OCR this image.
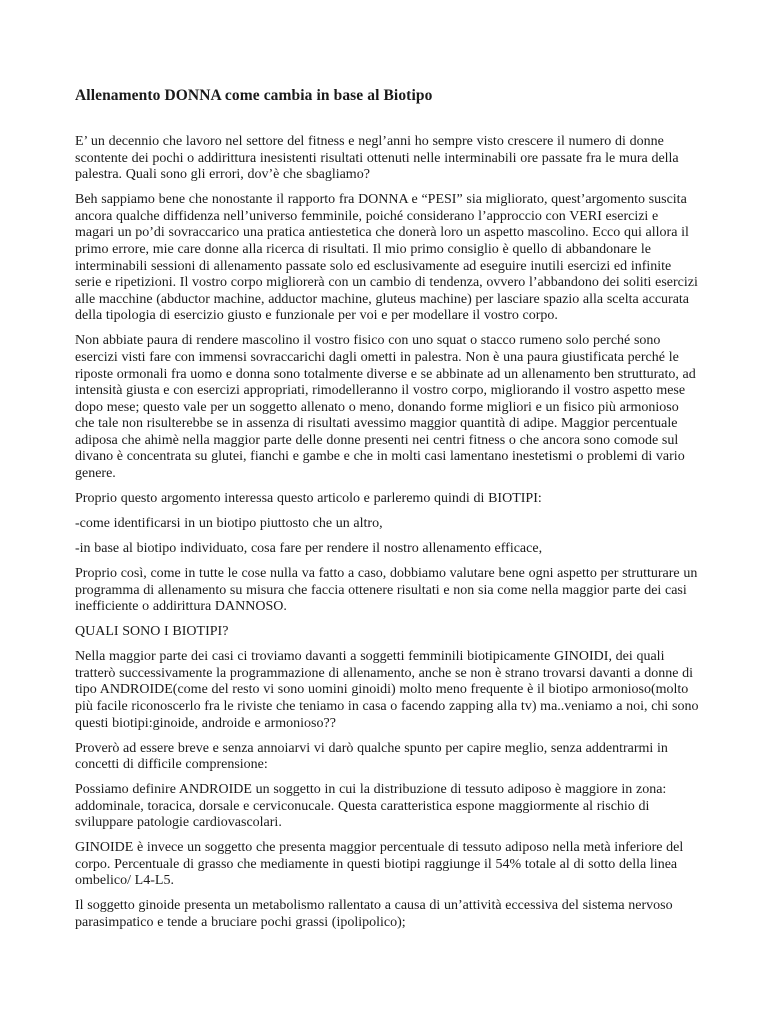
Allenamento DONNA come cambia in base al Biotipo

E’ un decennio che lavoro nel settore del fitness e negl’anni ho sempre visto crescere il numero di donne scontente dei pochi o addirittura inesistenti risultati ottenuti nelle interminabili ore passate fra le mura della palestra. Quali sono gli errori, dov’è che sbagliamo?

Beh sappiamo bene che nonostante il rapporto fra DONNA e “PESI” sia migliorato, quest’argomento suscita ancora qualche diffidenza nell’universo femminile, poiché considerano l’approccio con VERI esercizi e magari un po’di sovraccarico una pratica antiestetica che donerà loro un aspetto mascolino. Ecco qui allora il primo errore, mie care donne alla ricerca di risultati. Il mio primo consiglio è quello di abbandonare le interminabili sessioni di allenamento passate solo ed esclusivamente ad eseguire inutili esercizi ed infinite serie e ripetizioni. Il vostro corpo migliorerà con un cambio di tendenza, ovvero l’abbandono dei soliti esercizi alle macchine (abductor machine, adductor machine, gluteus machine) per lasciare spazio alla scelta accurata della tipologia di esercizio giusto e funzionale per voi e per modellare il vostro corpo.

Non abbiate paura di rendere mascolino il vostro fisico con uno squat o stacco rumeno solo perché sono esercizi visti fare con immensi sovraccarichi dagli ometti in palestra. Non è una paura giustificata perché le riposte ormonali fra uomo e donna sono totalmente diverse e se abbinate ad un allenamento ben strutturato, ad intensità giusta e con esercizi appropriati, rimodelleranno il vostro corpo, migliorando il vostro aspetto mese dopo mese; questo vale per un soggetto allenato o meno, donando forme migliori e un fisico più armonioso che tale non risulterebbe se in assenza di risultati avessimo maggior quantità di adipe. Maggior percentuale adiposa che ahimè nella maggior parte delle donne presenti nei centri fitness o che ancora sono comode sul divano è concentrata su glutei, fianchi e gambe e che in molti casi lamentano inestetismi o problemi di vario genere.

Proprio questo argomento interessa questo articolo e parleremo quindi di BIOTIPI:

-come identificarsi in un biotipo piuttosto che un altro,

-in base al biotipo individuato, cosa fare per rendere il nostro allenamento efficace,

Proprio così, come in tutte le cose nulla va fatto a caso, dobbiamo valutare bene ogni aspetto per strutturare un programma di allenamento su misura che faccia ottenere risultati e non sia come nella maggior parte dei casi inefficiente o addirittura DANNOSO.

QUALI SONO I BIOTIPI?

Nella maggior parte dei casi ci troviamo davanti a soggetti femminili biotipicamente GINOIDI, dei quali tratterò successivamente la programmazione di allenamento, anche se non è strano trovarsi davanti a donne di tipo ANDROIDE(come del resto vi sono uomini ginoidi) molto meno frequente è il biotipo armonioso(molto più facile riconoscerlo fra le riviste che teniamo in casa o facendo zapping alla tv) ma..veniamo a noi, chi sono questi biotipi:ginoide, androide e armonioso??

Proverò ad essere breve e senza annoiarvi vi darò qualche spunto per capire meglio, senza addentrarmi in concetti di difficile comprensione:

Possiamo definire ANDROIDE un soggetto in cui la distribuzione di tessuto adiposo è maggiore in zona: addominale, toracica, dorsale e cerviconucale. Questa caratteristica espone maggiormente al rischio di sviluppare patologie cardiovascolari.

GINOIDE è invece un soggetto che presenta maggior percentuale di tessuto adiposo nella metà inferiore del corpo. Percentuale di grasso che mediamente in questi biotipi raggiunge il 54% totale al di sotto della linea ombelico/ L4-L5.

Il soggetto ginoide presenta un metabolismo rallentato a causa di un’attività eccessiva del sistema nervoso parasimpatico e tende a bruciare pochi grassi (ipolipolico);
